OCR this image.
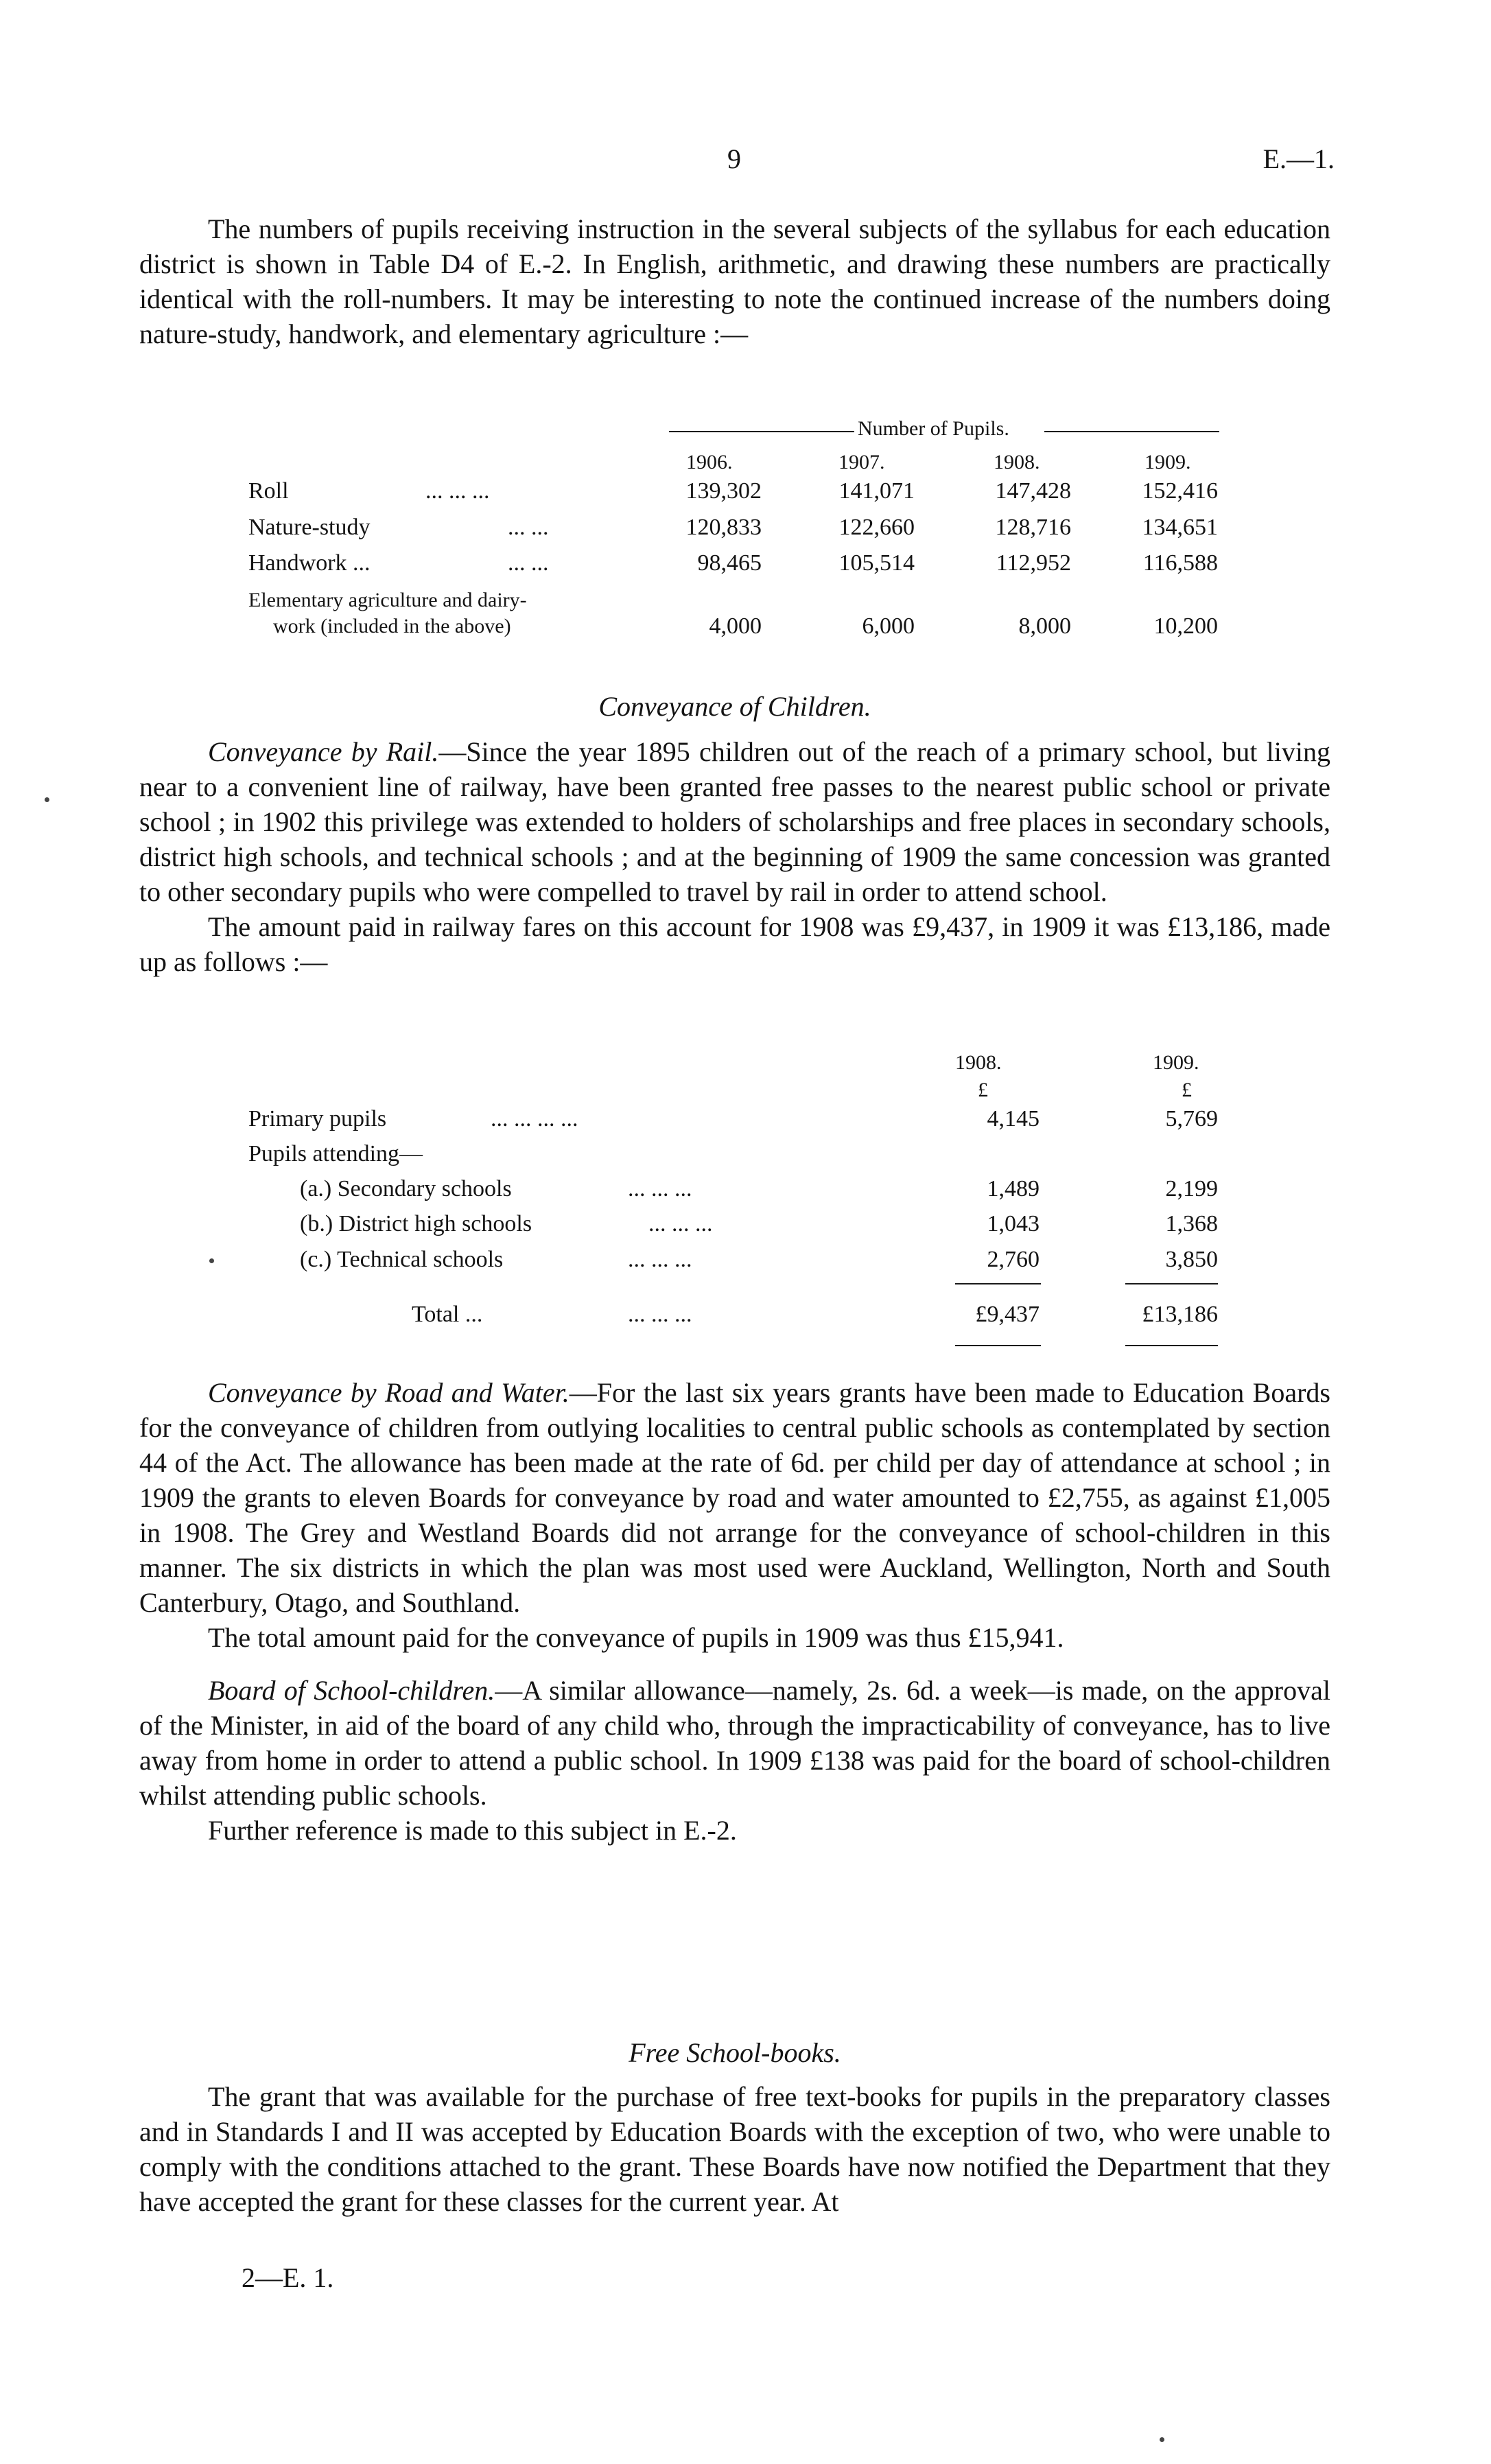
9	E.—1.

The numbers of pupils receiving instruction in the several subjects of the syllabus for each education district is shown in Table D4 of E.-2. In English, arithmetic, and drawing these numbers are practically identical with the roll-numbers. It may be interesting to note the continued increase of the numbers doing nature-study, handwork, and elementary agriculture :—

Number of Pupils.
1906.	1907.	1908.	1909.
Roll	... ... ...	139,302	141,071	147,428	152,416
Nature-study	... ...	120,833	122,660	128,716	134,651
Handwork ...	... ...	98,465	105,514	112,952	116,588
Elementary agriculture and dairy-
work (included in the above)	4,000	6,000	8,000	10,200
Conveyance of Children.

Conveyance by Rail.—Since the year 1895 children out of the reach of a primary school, but living near to a convenient line of railway, have been granted free passes to the nearest public school or private school ; in 1902 this privilege was extended to holders of scholarships and free places in secondary schools, district high schools, and technical schools ; and at the beginning of 1909 the same concession was granted to other secondary pupils who were compelled to travel by rail in order to attend school.

The amount paid in railway fares on this account for 1908 was £9,437, in 1909 it was £13,186, made up as follows :—

1908.	1909.
£	£
Primary pupils	... ... ... ...	4,145	5,769
Pupils attending—
(a.) Secondary schools	... ... ...	1,489	2,199
(b.) District high schools	... ... ...	1,043	1,368
(c.) Technical schools	... ... ...	2,760	3,850
Total ...	... ... ...	£9,437	£13,186

Conveyance by Road and Water.—For the last six years grants have been made to Education Boards for the conveyance of children from outlying localities to central public schools as contemplated by section 44 of the Act. The allowance has been made at the rate of 6d. per child per day of attendance at school ; in 1909 the grants to eleven Boards for conveyance by road and water amounted to £2,755, as against £1,005 in 1908. The Grey and Westland Boards did not arrange for the conveyance of school-children in this manner. The six districts in which the plan was most used were Auckland, Wellington, North and South Canterbury, Otago, and Southland.

The total amount paid for the conveyance of pupils in 1909 was thus £15,941.

Board of School-children.—A similar allowance—namely, 2s. 6d. a week—is made, on the approval of the Minister, in aid of the board of any child who, through the impracticability of conveyance, has to live away from home in order to attend a public school. In 1909 £138 was paid for the board of school-children whilst attending public schools.

Further reference is made to this subject in E.-2.

Free School-books.

The grant that was available for the purchase of free text-books for pupils in the preparatory classes and in Standards I and II was accepted by Education Boards with the exception of two, who were unable to comply with the conditions attached to the grant. These Boards have now notified the Department that they have accepted the grant for these classes for the current year. At

2—E. 1.
